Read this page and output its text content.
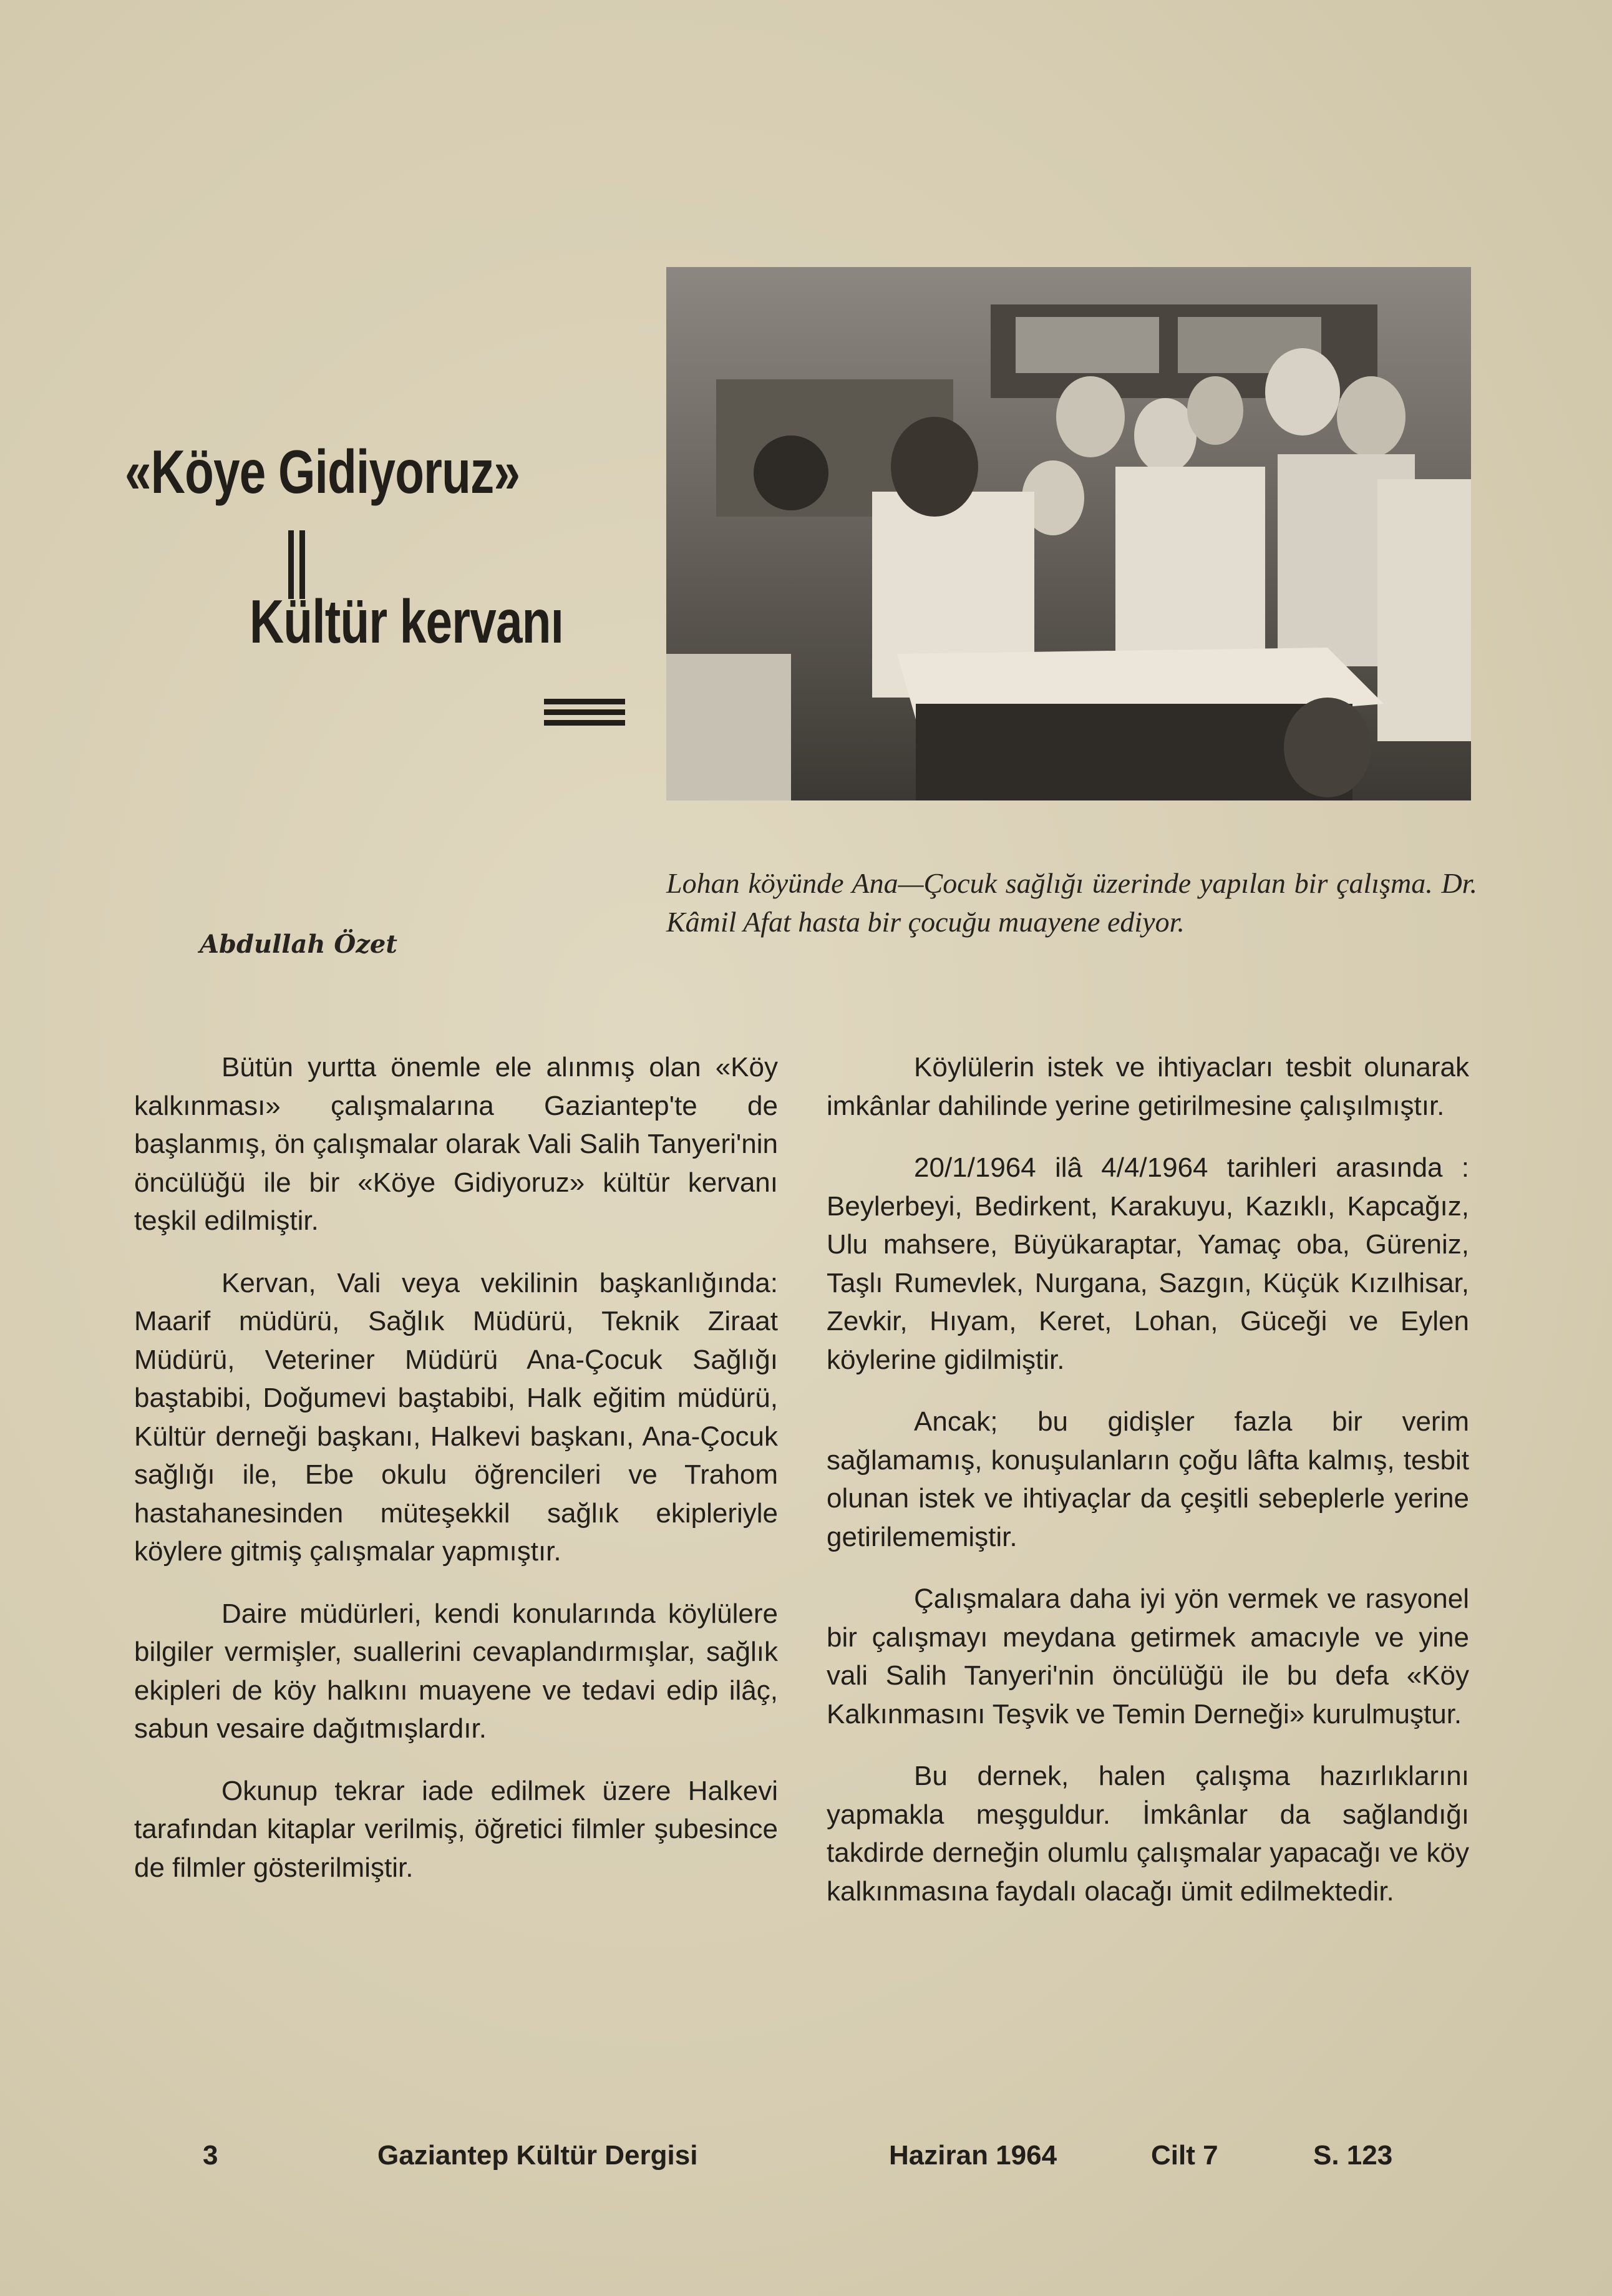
«Köye Gidiyoruz»
Kültür kervanı
Lohan köyünde Ana—Çocuk sağlığı üzerinde yapılan bir çalışma. Dr. Kâmil Afat hasta bir çocuğu muayene ediyor.
Abdullah Özet

Bütün yurtta önemle ele alınmış olan «Köy kalkınması» çalışmalarına Gaziantep'te de başlanmış, ön çalışmalar olarak Vali Salih Tanyeri'nin öncülüğü ile bir «Köye Gidiyoruz» kültür kervanı teşkil edilmiştir.

Kervan, Vali veya vekilinin başkanlığında: Maarif müdürü, Sağlık Müdürü, Teknik Ziraat Müdürü, Veteriner Müdürü Ana-Çocuk Sağlığı baştabibi, Doğumevi baştabibi, Halk eğitim müdürü, Kültür derneği başkanı, Halkevi başkanı, Ana-Çocuk sağlığı ile, Ebe okulu öğrencileri ve Trahom hastahanesinden müteşekkil sağlık ekipleriyle köylere gitmiş çalışmalar yapmıştır.

Daire müdürleri, kendi konularında köylülere bilgiler vermişler, suallerini cevaplandırmışlar, sağlık ekipleri de köy halkını muayene ve tedavi edip ilâç, sabun vesaire dağıtmışlardır.

Okunup tekrar iade edilmek üzere Halkevi tarafından kitaplar verilmiş, öğretici filmler şubesince de filmler gösterilmiştir.

Köylülerin istek ve ihtiyacları tesbit olunarak imkânlar dahilinde yerine getirilmesine çalışılmıştır.

20/1/1964 ilâ 4/4/1964 tarihleri arasında : Beylerbeyi, Bedirkent, Karakuyu, Kazıklı, Kapcağız, Ulu mahsere, Büyükaraptar, Yamaç oba, Güreniz, Taşlı Rumevlek, Nurgana, Sazgın, Küçük Kızılhisar, Zevkir, Hıyam, Keret, Lohan, Güceği ve Eylen köylerine gidilmiştir.

Ancak; bu gidişler fazla bir verim sağlamamış, konuşulanların çoğu lâfta kalmış, tesbit olunan istek ve ihtiyaçlar da çeşitli sebeplerle yerine getirilememiştir.

Çalışmalara daha iyi yön vermek ve rasyonel bir çalışmayı meydana getirmek amacıyle ve yine vali Salih Tanyeri'nin öncülüğü ile bu defa «Köy Kalkınmasını Teşvik ve Temin Derneği» kurulmuştur.

Bu dernek, halen çalışma hazırlıklarını yapmakla meşguldur. İmkânlar da sağlandığı takdirde derneğin olumlu çalışmalar yapacağı ve köy kalkınmasına faydalı olacağı ümit edilmektedir.

3	Gaziantep Kültür Dergisi	Haziran 1964	Cilt 7	S. 123
